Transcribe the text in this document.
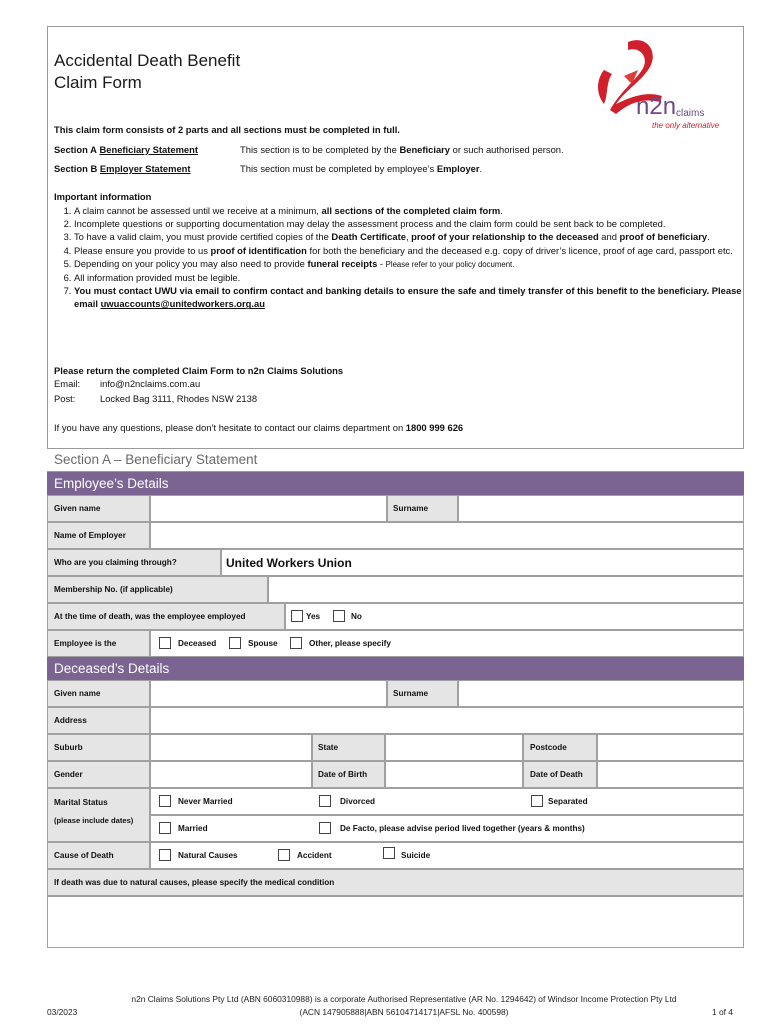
Accidental Death Benefit
Claim Form
n2n claims
the only alternative
This claim form consists of 2 parts and all sections must be completed in full.
Section A Beneficiary Statement	This section is to be completed by the Beneficiary or such authorised person.
Section B Employer Statement	This section must be completed by employee’s Employer.
Important information
1. A claim cannot be assessed until we receive at a minimum, all sections of the completed claim form.
2. Incomplete questions or supporting documentation may delay the assessment process and the claim form could be sent back to be completed.
3. To have a valid claim, you must provide certified copies of the Death Certificate, proof of your relationship to the deceased and proof of beneficiary.
4. Please ensure you provide to us proof of identification for both the beneficiary and the deceased e.g. copy of driver’s licence, proof of age card, passport etc.
5. Depending on your policy you may also need to provide funeral receipts - Please refer to your policy document.
6. All information provided must be legible.
7. You must contact UWU via email to confirm contact and banking details to ensure the safe and timely transfer of this benefit to the beneficiary. Please email uwuaccounts@unitedworkers.org.au
Please return the completed Claim Form to n2n Claims Solutions
Email: info@n2nclaims.com.au
Post:	Locked Bag 3111, Rhodes NSW 2138
If you have any questions, please don’t hesitate to contact our claims department on 1800 999 626
Section A – Beneficiary Statement
Employee’s Details
Given name	Surname
Name of Employer
Who are you claiming through?	United Workers Union
Membership No. (if applicable)
At the time of death, was the employee employed	Yes	No
Employee is the	Deceased	Spouse	Other, please specify
Deceased’s Details
Given name	Surname
Address
Suburb	State	Postcode
Gender	Date of Birth	Date of Death
Marital Status
(please include dates)
Never Married	Divorced	Separated
Married	De Facto, please advise period lived together (years & months)
Cause of Death	Natural Causes	Accident	Suicide
If death was due to natural causes, please specify the medical condition
n2n Claims Solutions Pty Ltd (ABN 6060310988) is a corporate Authorised Representative (AR No. 1294642) of Windsor Income Protection Pty Ltd
(ACN 147905888|ABN 56104714171|AFSL No. 400598)
03/2023	1 of 4
